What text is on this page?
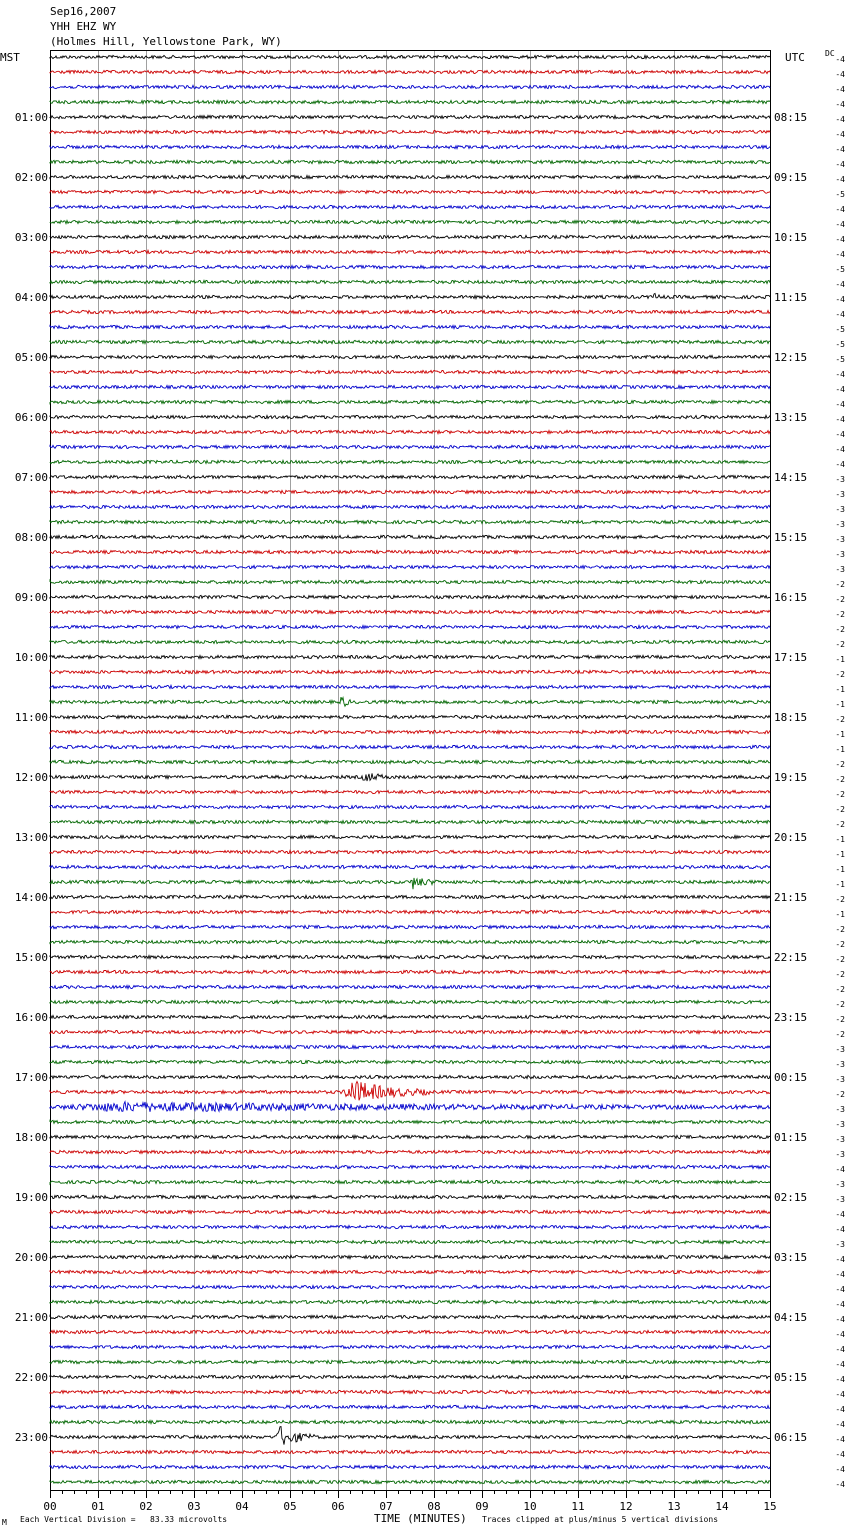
Sep16,2007
YHH EHZ WY
(Holmes Hill, Yellowstone Park, WY)
MST	UTC	DC
00	01	02	03	04	05	06	07	08	09	10	11	12	13	14	15
01:00
02:00
03:00
04:00
05:00
06:00
07:00
08:00
09:00
10:00
11:00
12:00
13:00
14:00
15:00
16:00
17:00
18:00
19:00
20:00
21:00
22:00
23:00
08:15
09:15
10:15
11:15
12:15
13:15
14:15
15:15
16:15
17:15
18:15
19:15
20:15
21:15
22:15
23:15
00:15
01:15
02:15
03:15
04:15
05:15
06:15
-4
-4
-4
-4
-4
-4
-4
-4
-4
-5
-4
-4
-4
-4
-5
-4
-4
-4
-5
-5
-5
-4
-4
-4
-4
-4
-4
-4
-3
-3
-3
-3
-3
-3
-3
-2
-2
-2
-2
-2
-1
-2
-1
-1
-2
-1
-1
-2
-2
-2
-2
-2
-1
-1
-1
-1
-2
-1
-2
-2
-2
-2
-2
-2
-2
-2
-3
-3
-3
-2
-3
-3
-3
-3
-4
-3
-3
-4
-4
-3
-4
-4
-4
-4
-4
-4
-4
-4
-4
-4
-4
-4
-4
-4
-4
-4
TIME (MINUTES)
M Each Vertical Division =   83.33 microvolts	Traces clipped at plus/minus 5 vertical divisions
